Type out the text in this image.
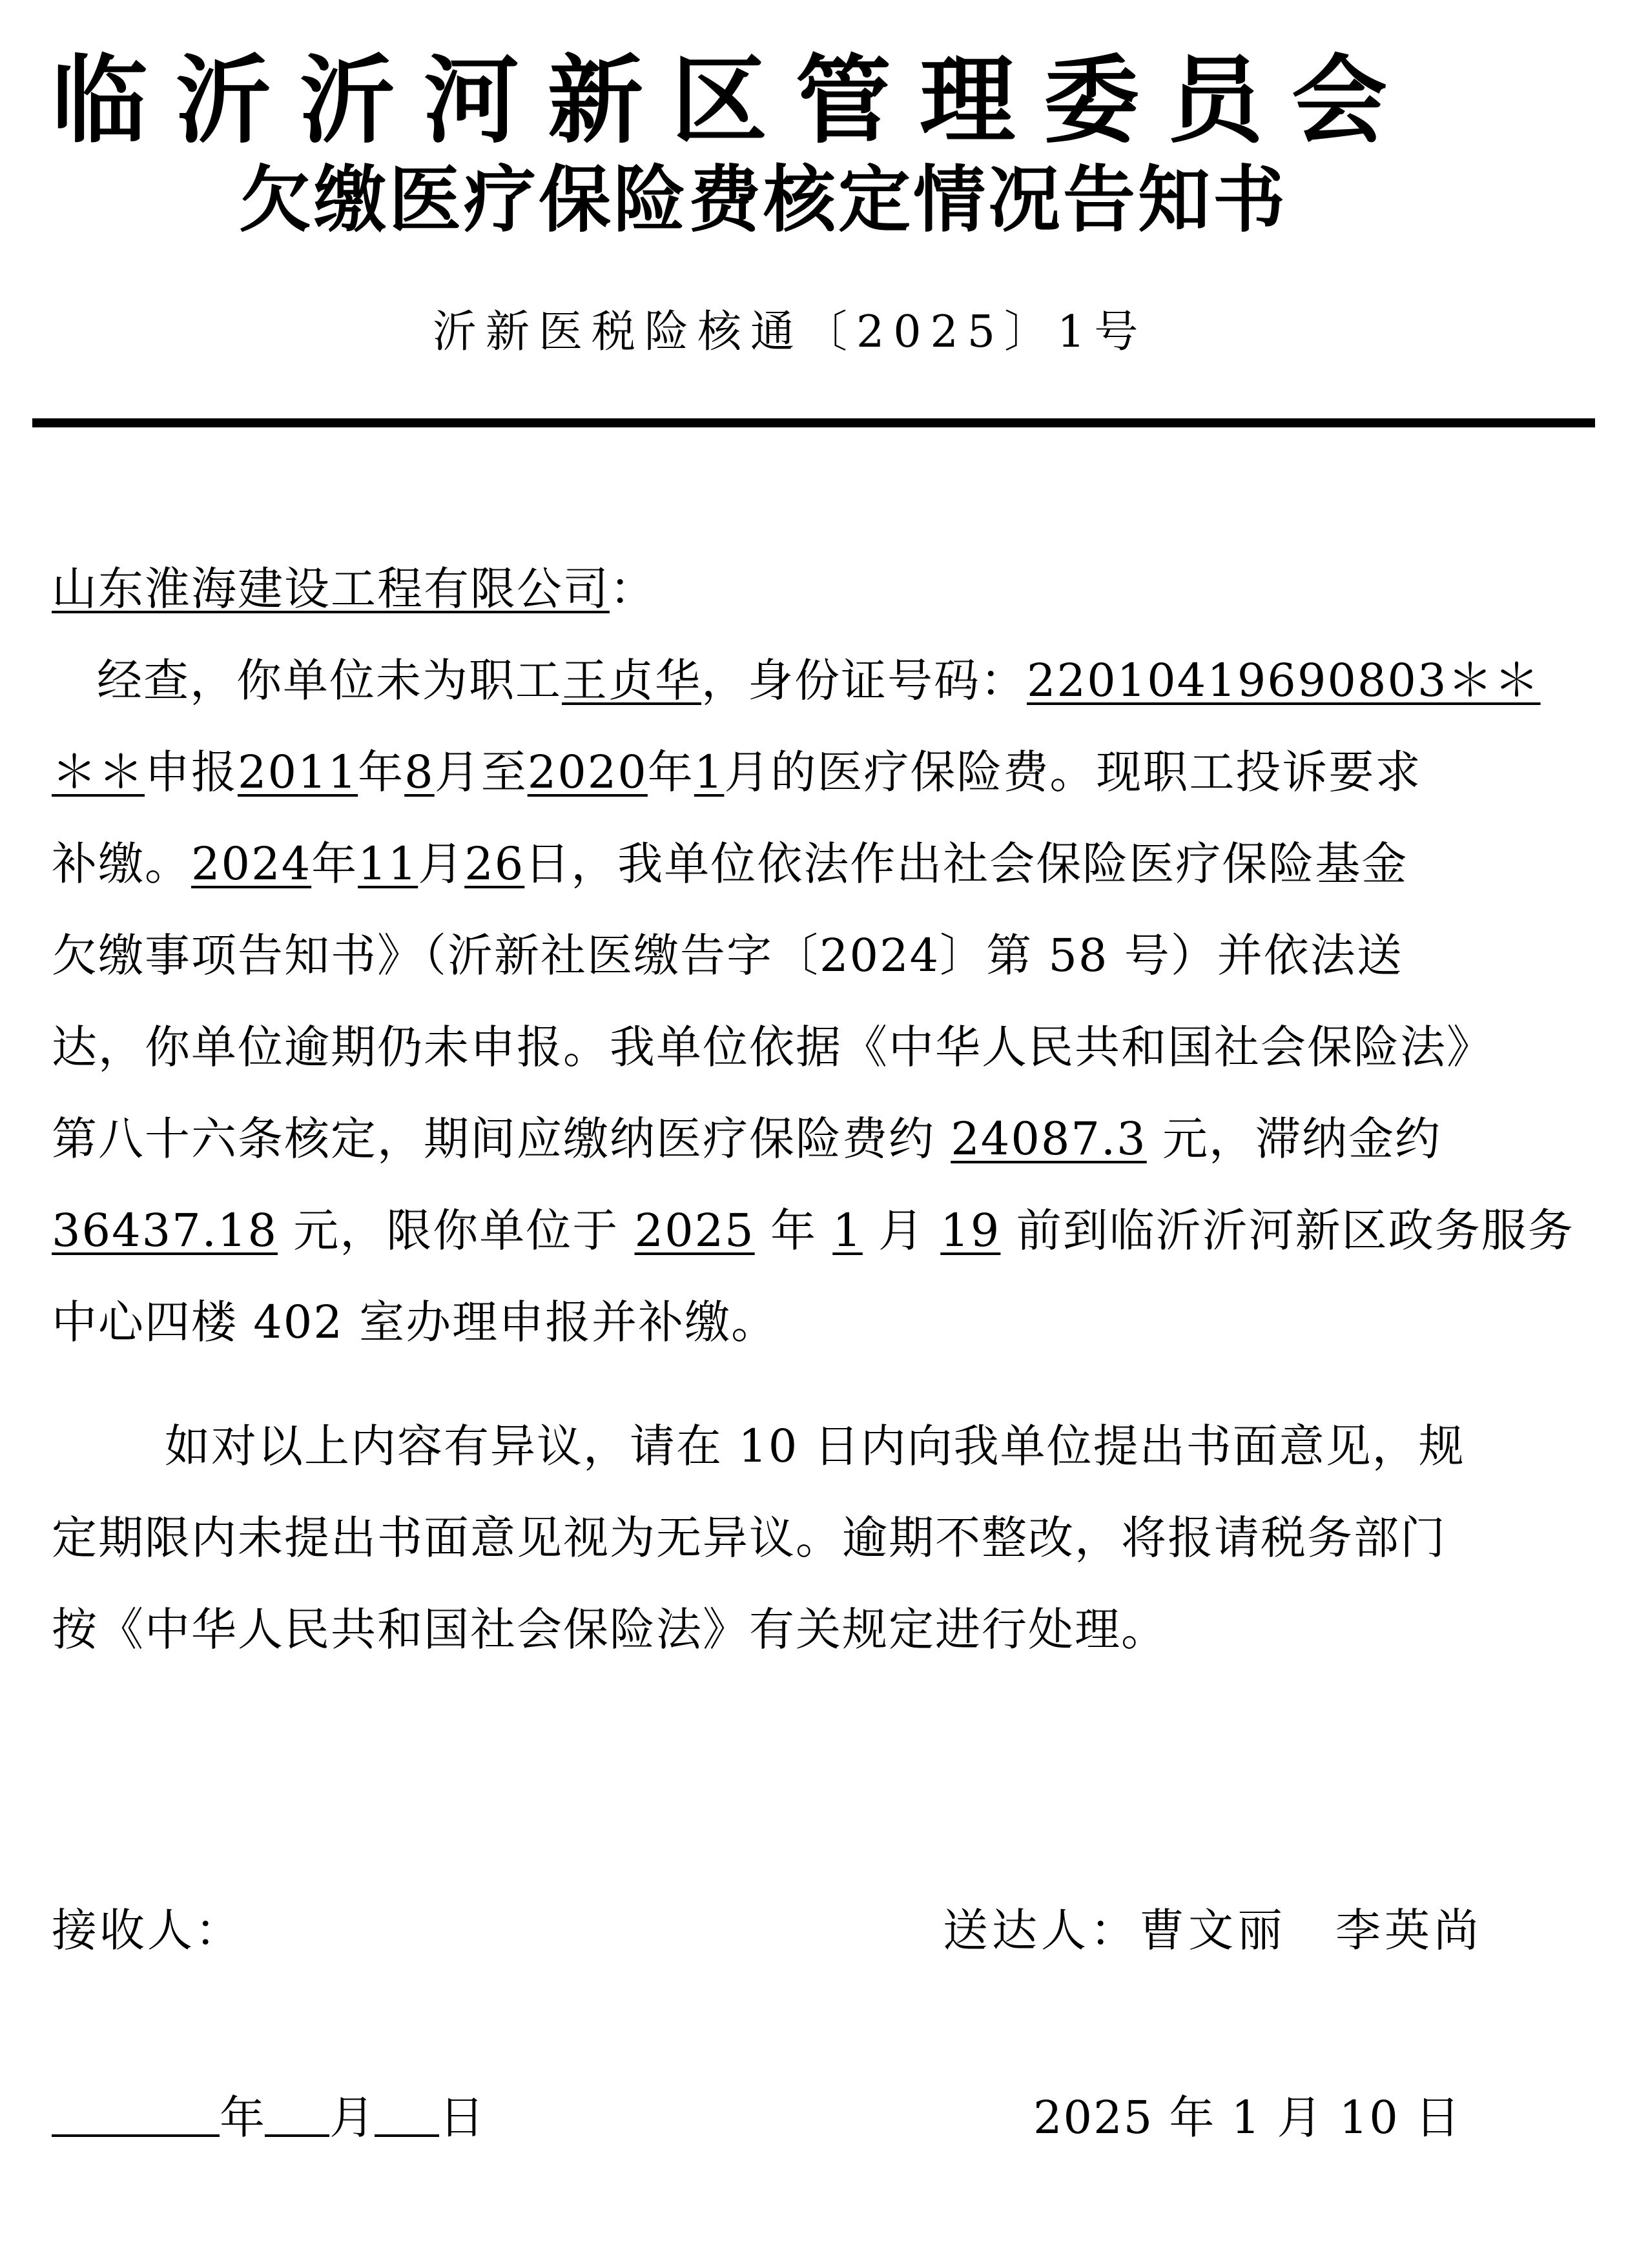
临沂沂河新区管理委员会
欠缴医疗保险费核定情况告知书
沂新医税险核通〔2025〕1号
山东淮海建设工程有限公司：
经查，你单位未为职工王贞华，身份证号码：22010419690803＊＊
＊＊申报2011年8月至2020年1月的医疗保险费。现职工投诉要求
补缴。2024年11月26日，我单位依法作出社会保险医疗保险基金
欠缴事项告知书》（沂新社医缴告字〔2024〕第 58 号）并依法送
达，你单位逾期仍未申报。我单位依据《中华人民共和国社会保险法》
第八十六条核定，期间应缴纳医疗保险费约 24087.3 元，滞纳金约
36437.18 元，限你单位于 2025 年 1 月 19 前到临沂沂河新区政务服务
中心四楼 402 室办理申报并补缴。
如对以上内容有异议，请在 10 日内向我单位提出书面意见，规
定期限内未提出书面意见视为无异议。逾期不整改，将报请税务部门
按《中华人民共和国社会保险法》有关规定进行处理。
接收人：	送达人：曹文丽　李英尚
年 月 日	2025 年 1 月 10 日
